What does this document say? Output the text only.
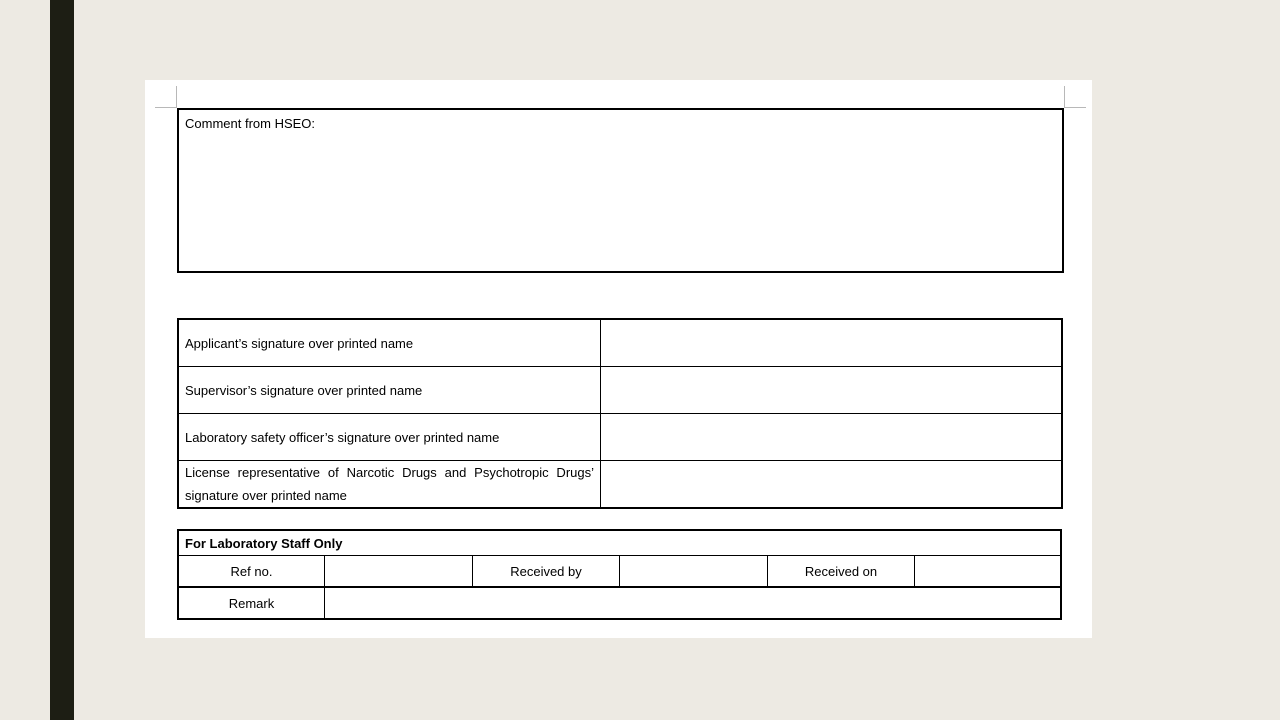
Comment from HSEO:
Applicant’s signature over printed name	
Supervisor’s signature over printed name	
Laboratory safety officer’s signature over printed name	
License representative of Narcotic Drugs and Psychotropic Drugs’ signature over printed name	
For Laboratory Staff Only					
Ref no.		Received by		Received on	
Remark					
